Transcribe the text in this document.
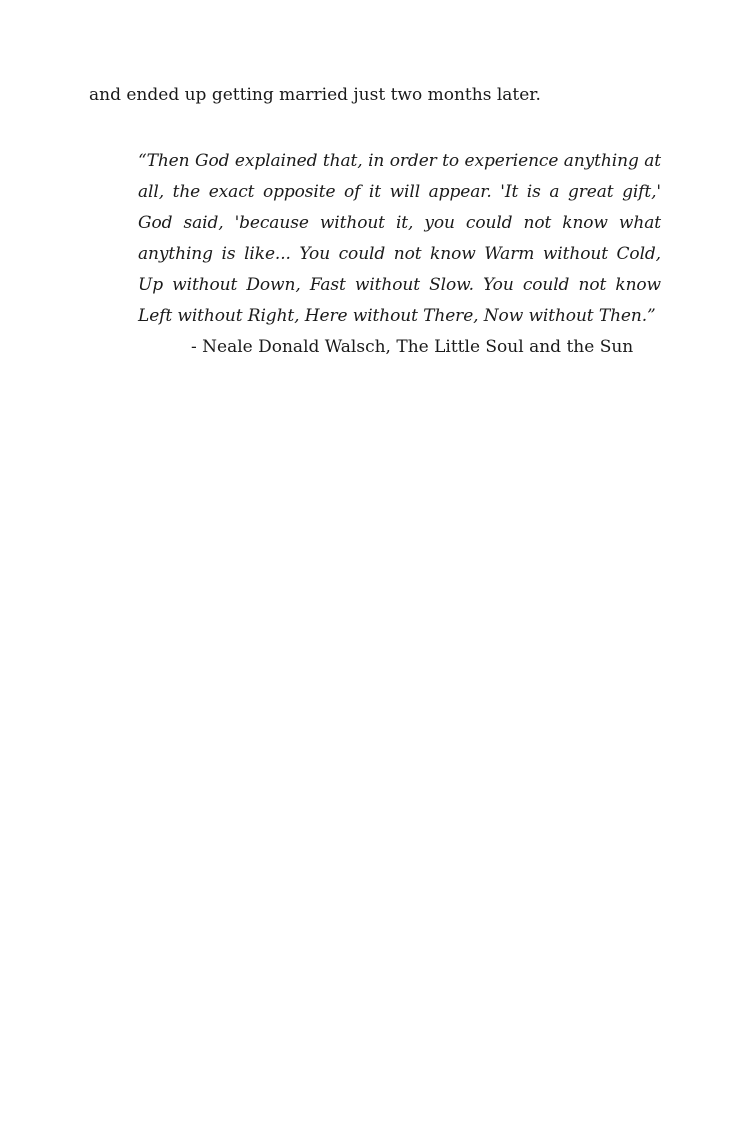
and ended up getting married just two months later.

“Then God explained that, in order to experience anything at all, the exact opposite of it will appear. 'It is a great gift,' God said, 'because without it, you could not know what anything is like... You could not know Warm without Cold, Up without Down, Fast without Slow. You could not know Left without Right, Here without There, Now without Then.”

- Neale Donald Walsch, The Little Soul and the Sun
